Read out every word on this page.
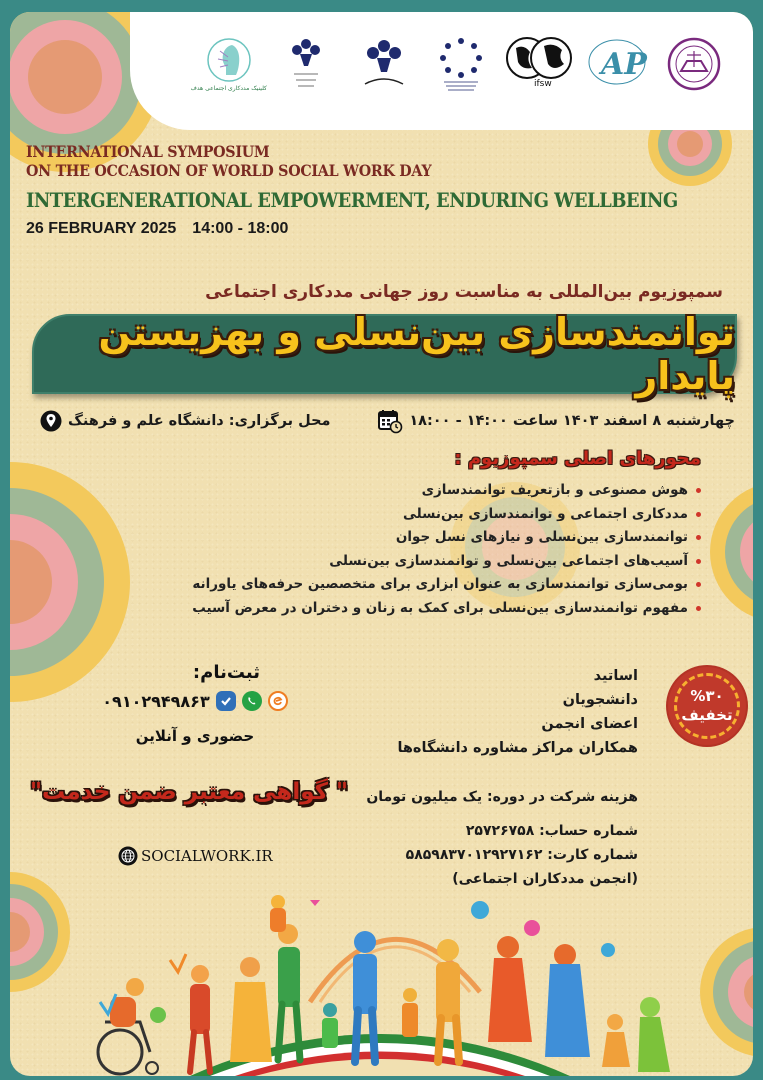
کلینیک مددکاری اجتماعی هدف	ifsw
AP
INTERNATIONAL SYMPOSIUM
ON THE OCCASION OF WORLD SOCIAL WORK DAY
INTERGENERATIONAL EMPOWERMENT, ENDURING WELLBEING
26 FEBRUARY 2025 14:00 - 18:00
سمپوزیوم بین‌المللی به مناسبت روز جهانی مددکاری اجتماعی
توانمندسازی بین‌نسلی و بهزیستن پایدار
چهارشنبه ۸ اسفند ۱۴۰۳ ساعت ۱۴:۰۰ - ۱۸:۰۰
محل برگزاری: دانشگاه علم و فرهنگ
محورهای اصلی سمپوزیوم :
هوش مصنوعی و بازتعریف توانمندسازی
مددکاری اجتماعی و توانمندسازی بین‌نسلی
توانمندسازی بین‌نسلی و نیازهای نسل جوان
آسیب‌های اجتماعی بین‌نسلی و توانمندسازی بین‌نسلی
بومی‌سازی توانمندسازی به عنوان ابزاری برای متخصصین حرفه‌های یاورانه
مفهوم توانمندسازی بین‌نسلی برای کمک به زنان و دختران در معرض آسیب
%۳۰
تخفیف
اساتید
دانشجویان
اعضای انجمن
همکاران مراکز مشاوره دانشگاه‌ها
ثبت‌نام:
۰۹۱۰۲۹۴۹۸۶۳
حضوری و آنلاین
" گواهی معتبر ضمن خدمت"
SOCIALWORK.IR
هزینه شرکت در دوره: یک میلیون تومان
شماره حساب: ۲۵۷۲۶۷۵۸
شماره کارت: ۵۸۵۹۸۳۷۰۱۲۹۲۷۱۶۲
(انجمن مددکاران اجتماعی)
